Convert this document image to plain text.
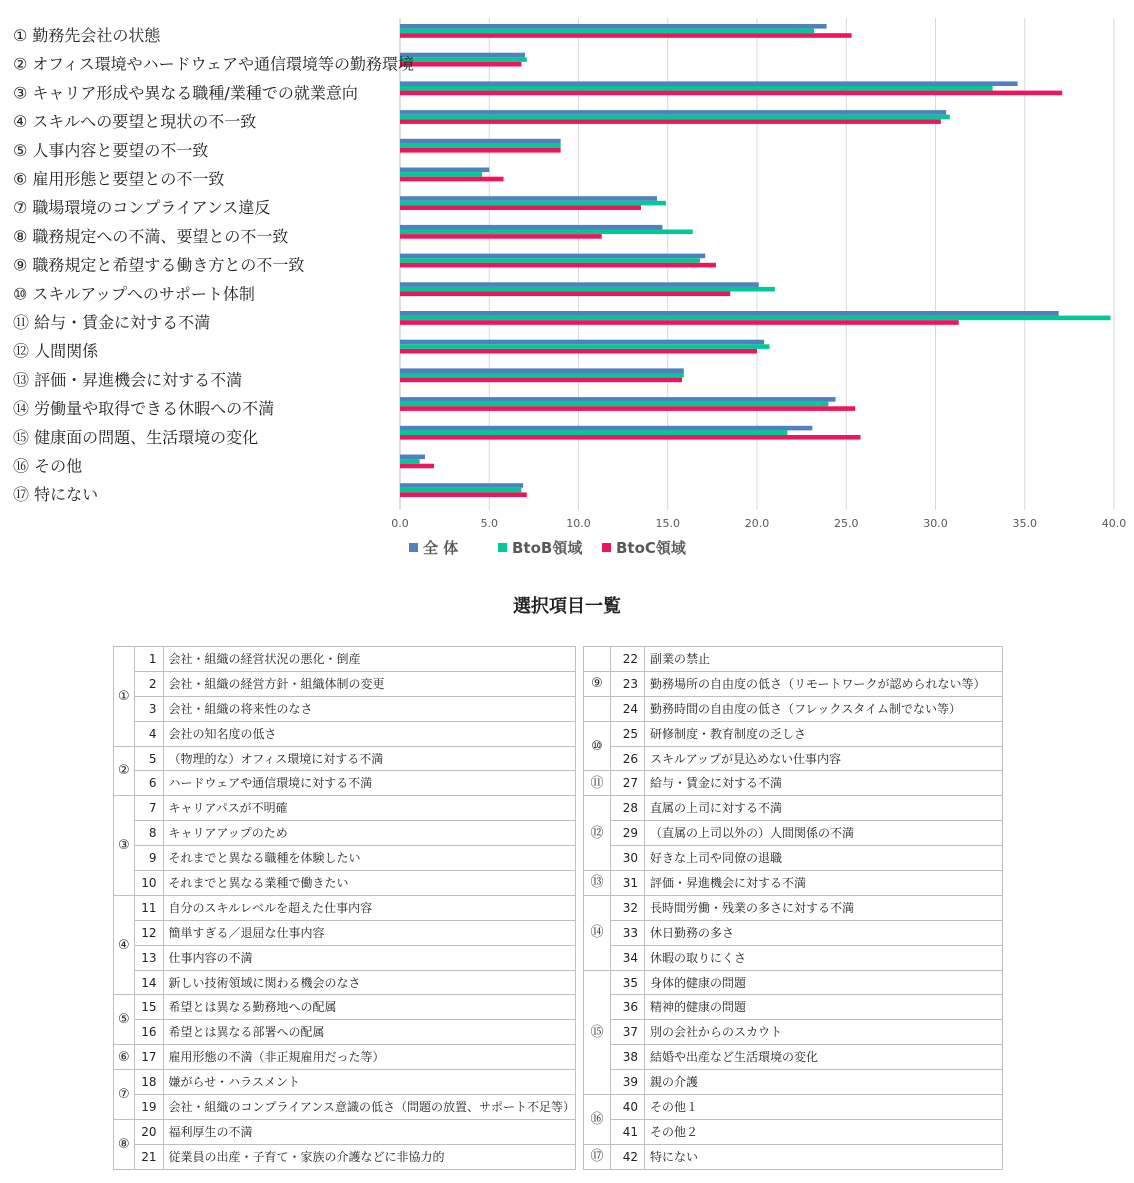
① 勤務先会社の状態
② オフィス環境やハードウェアや通信環境等の勤務環境
③ キャリア形成や異なる職種/業種での就業意向
④ スキルへの要望と現状の不一致
⑤ 人事内容と要望の不一致
⑥ 雇用形態と要望との不一致
⑦ 職場環境のコンプライアンス違反
⑧ 職務規定への不満、要望との不一致
⑨ 職務規定と希望する働き方との不一致
⑩ スキルアップへのサポート体制
⑪ 給与・賃金に対する不満
⑫ 人間関係
⑬ 評価・昇進機会に対する不満
⑭ 労働量や取得できる休暇への不満
⑮ 健康面の問題、生活環境の変化
⑯ その他
⑰ 特にない
0.0	5.0	10.0	15.0	20.0	25.0	30.0	35.0	40.0
全 体	BtoB領域 BtoC領域
選択項目一覧
①	1	会社・組織の経営状況の悪化・倒産
	2	会社・組織の経営方針・組織体制の変更
	3	会社・組織の将来性のなさ
	4	会社の知名度の低さ
②	5	（物理的な）オフィス環境に対する不満
	6	ハードウェアや通信環境に対する不満
③	7	キャリアパスが不明確
	8	キャリアアップのため
	9	それまでと異なる職種を体験したい
	10	それまでと異なる業種で働きたい
④	11	自分のスキルレベルを超えた仕事内容
	12	簡単すぎる／退屈な仕事内容
	13	仕事内容の不満
	14	新しい技術領域に関わる機会のなさ
⑤	15	希望とは異なる勤務地への配属
	16	希望とは異なる部署への配属
⑥	17	雇用形態の不満（非正規雇用だった等）
⑦	18	嫌がらせ・ハラスメント
	19	会社・組織のコンプライアンス意識の低さ（問題の放置、サポート不足等）
⑧	20	福利厚生の不満
	21	従業員の出産・子育て・家族の介護などに非協力的
	22	副業の禁止
⑨	23	勤務場所の自由度の低さ（リモートワークが認められない等）
	24	勤務時間の自由度の低さ（フレックスタイム制でない等）
⑩	25	研修制度・教育制度の乏しさ
	26	スキルアップが見込めない仕事内容
⑪	27	給与・賃金に対する不満
⑫	28	直属の上司に対する不満
	29	（直属の上司以外の）人間関係の不満
	30	好きな上司や同僚の退職
⑬	31	評価・昇進機会に対する不満
⑭	32	長時間労働・残業の多さに対する不満
	33	休日勤務の多さ
	34	休暇の取りにくさ
⑮	35	身体的健康の問題
	36	精神的健康の問題
	37	別の会社からのスカウト
	38	結婚や出産など生活環境の変化
	39	親の介護
⑯	40	その他１
	41	その他２
⑰	42	特にない
